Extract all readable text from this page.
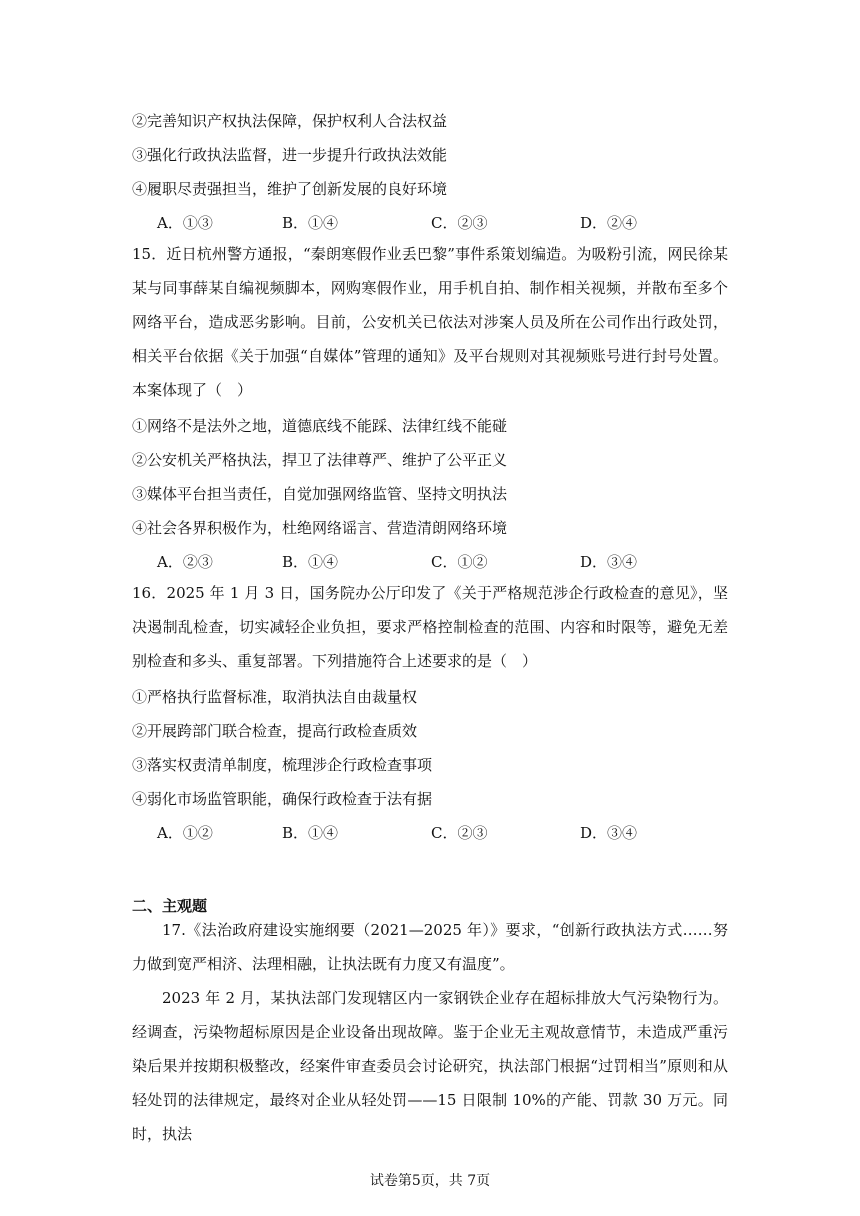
②完善知识产权执法保障，保护权利人合法权益
③强化行政执法监督，进一步提升行政执法效能
④履职尽责强担当，维护了创新发展的良好环境
A．①③	B．①④	C．②③	D．②④
15．近日杭州警方通报，“秦朗寒假作业丢巴黎”事件系策划编造。为吸粉引流，网民徐某某与同事薛某自编视频脚本，网购寒假作业，用手机自拍、制作相关视频，并散布至多个网络平台，造成恶劣影响。目前，公安机关已依法对涉案人员及所在公司作出行政处罚，相关平台依据《关于加强“自媒体”管理的通知》及平台规则对其视频账号进行封号处置。本案体现了（　）
①网络不是法外之地，道德底线不能踩、法律红线不能碰
②公安机关严格执法，捍卫了法律尊严、维护了公平正义
③媒体平台担当责任，自觉加强网络监管、坚持文明执法
④社会各界积极作为，杜绝网络谣言、营造清朗网络环境
A．②③	B．①④	C．①②	D．③④
16．2025 年 1 月 3 日，国务院办公厅印发了《关于严格规范涉企行政检查的意见》，坚决遏制乱检查，切实减轻企业负担，要求严格控制检查的范围、内容和时限等，避免无差别检查和多头、重复部署。下列措施符合上述要求的是（　）
①严格执行监督标准，取消执法自由裁量权
②开展跨部门联合检查，提高行政检查质效
③落实权责清单制度，梳理涉企行政检查事项
④弱化市场监管职能，确保行政检查于法有据
A．①②	B．①④	C．②③	D．③④
二、主观题
17.《法治政府建设实施纲要（2021—2025 年）》要求，“创新行政执法方式……努力做到宽严相济、法理相融，让执法既有力度又有温度”。
2023 年 2 月，某执法部门发现辖区内一家钢铁企业存在超标排放大气污染物行为。经调查，污染物超标原因是企业设备出现故障。鉴于企业无主观故意情节，未造成严重污染后果并按期积极整改，经案件审查委员会讨论研究，执法部门根据“过罚相当”原则和从轻处罚的法律规定，最终对企业从轻处罚——15 日限制 10%的产能、罚款 30 万元。同时，执法
试卷第5页，共 7页
